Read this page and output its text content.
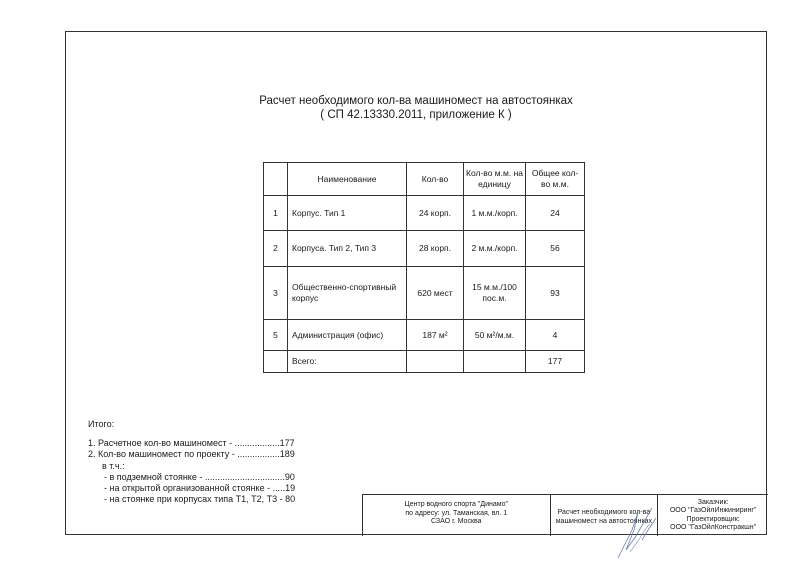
Расчет необходимого кол-ва машиномест на автостоянках
( СП 42.13330.2011, приложение К )
	Наименование	Кол-во	Кол-во м.м. на единицу	Общее кол-во м.м.
1	Корпус. Тип 1	24 корп.	1 м.м./корп.	24
2	Корпуса. Тип 2, Тип 3	28 корп.	2 м.м./корп.	56
3	Общественно-спортивный корпус	620 мест	15 м.м./100 пос.м.	93
5	Администрация (офис)	187 м²	50 м²/м.м.	4
	Всего:			177
Итого:
1. Расчетное кол-во машиномест - ..................177
2. Кол-во машиномест по проекту - .................189
в т.ч.:
- в подземной стоянке - ................................90
- на открытой организованной стоянке - .....19
- на стоянке при корпусах типа Т1, Т2, Т3 - 80
Центр водного спорта "Динамо"
по адресу: ул. Таманская, вл. 1
СЗАО г. Москва
Расчет необходимого кол-ва
машиномест на автостоянках
Заказчик:
ООО "ГазОйлИнжиниринг"
Проектировщик:
ООО "ГазОйлКонстракшн"
